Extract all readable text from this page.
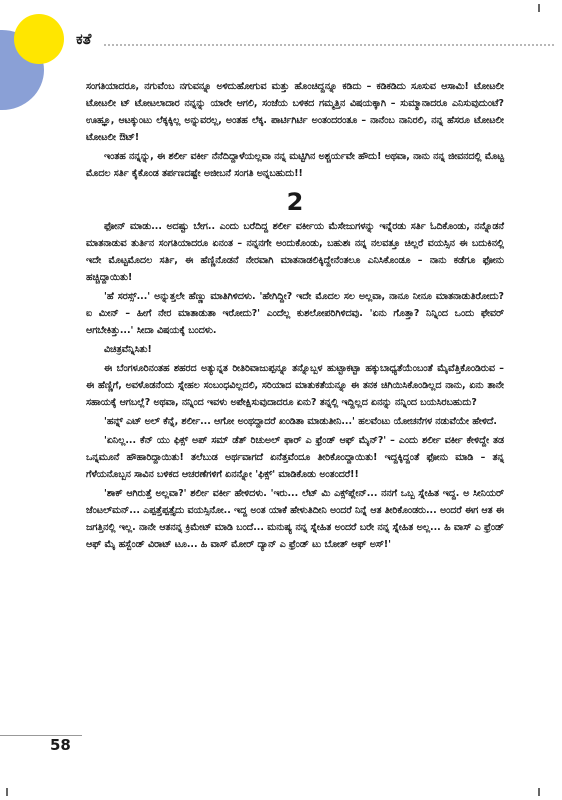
ಕತೆ

ಸಂಗತಿಯಾದರೂ, ನಗುವೆಂಬ ನಗುವನ್ನೂ ಅಳಿದುಹೋಗುವ ಮತ್ತು ಹೊಂಚಿದ್ದನ್ನೂ ಕಡಿದು – ಕಡಿಕಡಿದು ಸೂಸುವ ಆಸಾಮಿ! ಟೋಟಲೀ ಟೋಟಲೀ ಟ್ ಟೋಟಲಾದಾರ ನನ್ನನ್ನು ಯಾರೇ ಆಗಲಿ, ಸಂಜೆಯ ಬಳಿಕದ ಗಮ್ಮತ್ತಿನ ವಿಷಯಕ್ಕಾಗಿ – ಸುಮ್ಮಾನಾದರೂ ಎನಿಸುವುದುಂಟೆ? ಊಹ್ಞೂ, ಆಟಕ್ಕುಂಟು ಲೆಕ್ಕಕ್ಕಿಲ್ಲ ಅನ್ನುವರಲ್ಲ, ಅಂತಹ ಲೆಕ್ಕ. ಪಾರ್ಟಿಗಿರ್ಟಿ ಅಂತಂದರಂತೂ – ನಾನೆಂಬ ನಾನಿರಲಿ, ನನ್ನ ಹೆಸರೂ ಟೋಟಲೀ ಟೋಟಲೀ ಔಟ್!

ಇಂತಹ ನನ್ನನ್ನು, ಈ ಶರ್ಲೀ ವರ್ಕೀ ನೆನೆದಿದ್ದಾಳೆಯಲ್ಲವಾ ನನ್ನ ಮಟ್ಟಿಗಿನ ಅಶ್ಚರ್ಯವೇ ಹೌದು! ಅಥವಾ, ನಾನು ನನ್ನ ಜೀವನದಲ್ಲಿ ಮೊಟ್ಟ ಮೊದಲ ಸರ್ತಿ ಕೈಕೊಂಡ ತರ್ಪಣದಷ್ಟೇ ಅಜೀಬನೆ ಸಂಗತಿ ಅನ್ನಬಹುದು!!

2

ಫೋನ್ ಮಾಡು... ಅದಷ್ಟು ಬೇಗ.. ಎಂದು ಬರೆದಿದ್ದ ಶರ್ಲೀ ವರ್ಕೀಯ ಮೆಸೇಜುಗಳನ್ನು ಇನ್ನೆರಡು ಸರ್ತಿ ಓದಿಕೊಂಡು, ನನ್ನೊಡನೆ ಮಾತನಾಡುವ ತುರ್ತಿನ ಸಂಗತಿಯಾದರೂ ಏನಂತ – ನನ್ನನಗೇ ಅಂದುಕೊಂಡು, ಬಹುಶಃ ನನ್ನ ನಲವತ್ತೂ ಚಿಲ್ಲರೆ ವಯಸ್ಸಿನ ಈ ಬದುಕಿನಲ್ಲಿ ಇದೇ ಮೊಟ್ಟಮೊದಲ ಸರ್ತಿ, ಈ ಹೆಣ್ಣಿನೊಡನೆ ನೇರವಾಗಿ ಮಾತನಾಡಲಿಕ್ಕಿದ್ದೇನೆಂತಲೂ ಎನಿಸಿಕೊಂಡೂ – ನಾನು ಕಡೆಗೂ ಫೋನು ಹಚ್ಚಿದ್ದಾಯಿತು!

'ಹೆ ಸರಸ್ಸ್...' ಅನ್ನುತ್ತಲೇ ಹೆಣ್ಣು ಮಾತಿಗಿಳಿದಳು. 'ಹೇಗಿದ್ದೀ? ಇದೇ ಮೊದಲ ಸಲ ಅಲ್ಲವಾ, ನಾನೂ ನೀನೂ ಮಾತನಾಡುತಿರೋದು? ಐ ಮೀನ್ – ಹೀಗೆ ನೇರ ಮಾತಾಡುತಾ ಇರೋದು?' ಎಂದೆಲ್ಲ ಕುಶಲೋಪರಿಗಿಳಿದವು. 'ಏನು ಗೊತ್ತಾ? ನಿನ್ನಿಂದ ಒಂದು ಫೇವರ್ ಆಗಬೇಕಿತ್ತು...' ಸೀದಾ ವಿಷಯಕ್ಕೆ ಬಂದಳು.

ವಿಚಿತ್ರವೆನ್ನಿಸಿತು!

ಈ ಬೆಂಗಳೂರಿನಂತಹ ಶಹರದ ಅತ್ಯುನ್ನತ ರೀತಿರಿವಾಜುಪ್ಪನ್ನೂ ತನ್ನೊಬ್ಬಳ ಹುಟ್ಟಾಕಟ್ಟಾ ಹಕ್ಕುಬಾಧ್ಯತೆಯೆಂಬಂತೆ ಮೈವೆತ್ತಿಕೊಂಡಿರುವ – ಈ ಹೆಣ್ಣಿಗೆ, ಅವಳೊಡನೆಂದು ಸ್ನೇಹಲ ಸಂಬಂಧವಿಲ್ಲದಲಿ, ಸರಿಯಾದ ಮಾತುಕತೆಯನ್ನೂ ಈ ತನಕ ಚಿಗಿಯಿಸಿಕೊಂಡಿಲ್ಲದ ನಾನು, ಏನು ತಾನೇ ಸಹಾಯಕ್ಕೆ ಆಗಬಲ್ಲೆ? ಅಥವಾ, ನನ್ನಿಂದ ಇವಳು ಅಪೇಕ್ಷಿಸುವುದಾದರೂ ಏನು? ತನ್ನಲ್ಲಿ ಇದ್ದಿಲ್ಲದ ಏನನ್ನು ನನ್ನಿಂದ ಬಯಸಿರಬಹುದು?

'ಹನ್ನ್ ಎಟ್ ಅಲ್ ಕೆನ್ನೆ, ಶರ್ಲೀ... ಆಗೋ ಅಂಥದ್ದಾದರೆ ಖಂಡಿತಾ ಮಾಡುತೀನಿ...' ಹಲವೆಂಟು ಯೋಚನೆಗಳ ನಡುವೆಯೇ ಹೇಳಿದೆ.

'ಏನಿಲ್ಲ... ಕೆನ್ ಯು ಫಿಕ್ಸ್ ಅಪ್ ಸಮ್ ಡೆತ್ ರಿಚುಅಲ್ ಫಾರ್ ಎ ಫ್ರೆಂಡ್ ಆಫ್ ಮೈನ್?' – ಎಂದು ಶರ್ಲೀ ವರ್ಕೀ ಕೇಳಿದ್ದೇ ತಡ ಒನ್ನಮೂನೆ ಹೌಹಾರಿದ್ದಾಯಿತು! ತಲೆಬುಡ ಅರ್ಥವಾಗದೆ ಏನೆತ್ತವೆಂದೂ ತೀರಿಕೊಂದ್ದಾಯಿತು! ಇದ್ದಕ್ಕಿದ್ದಂತೆ ಫೋನು ಮಾಡಿ – ತನ್ನ ಗೆಳೆಯನೊಬ್ಬನ ಸಾವಿನ ಬಳಿಕದ ಆಚರಣೆಗಳಿಗೆ ಏನನ್ನೋ 'ಫಿಕ್ಸ್' ಮಾಡಿಕೊಡು ಅಂತಂದರೆ!!

'ಶಾಕ್ ಆಗಿರುತ್ತೆ ಅಲ್ಲವಾ?' ಶರ್ಲೀ ವರ್ಕೀ ಹೇಳಿದಳು. 'ಇರು... ಲೆಟ್ ಮಿ ಎಕ್ಸ್‌ಪ್ಲೇನ್... ನನಗೆ ಒಬ್ಬ ಸ್ನೇಹಿತ ಇದ್ದ. ಅ ಸೀನಿಯರ್ ಜೆಂಟಲ್‌ಮನ್... ಎಪ್ಪತ್ತೆಪ್ಪತ್ತೈದು ವಯಸ್ಸಿನೋ.. ಇದ್ದ ಅಂತ ಯಾಕೆ ಹೇಳುತಿದೀನಿ ಅಂದರೆ ನಿನ್ನೆ ಆತ ತೀರಿಕೊಂಡರು... ಅಂದರೆ ಈಗ ಆತ ಈ ಜಗತ್ತಿನಲ್ಲಿ ಇಲ್ಲ. ನಾನೇ ಆತನನ್ನ ಕ್ರಿಮೇಟ್ ಮಾಡಿ ಬಂದೆ... ಮನುಷ್ಯ ನನ್ನ ಸ್ನೇಹಿತ ಅಂದರೆ ಬರೇ ನನ್ನ ಸ್ನೇಹಿತ ಅಲ್ಲ... ಹಿ ವಾಸ್ ಎ ಫ್ರೆಂಡ್ ಆಫ್ ಮೈ ಹಸ್ಬೆಂಡ್ ವಿರಾಟ್ ಟೂ... ಹಿ ವಾಸ್ ಮೋರ್ ದ್ಯಾನ್ ಎ ಫ್ರೆಂಡ್ ಟು ಬೋತ್ ಆಫ್ ಅಸ್!'

58
